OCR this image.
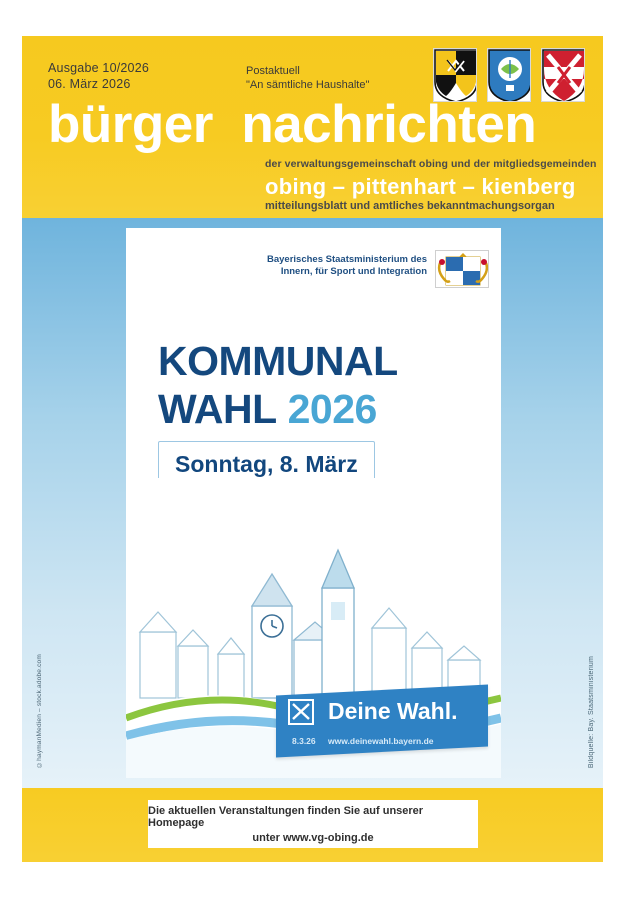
Ausgabe 10/2026
06. März 2026
Postaktuell
"An sämtliche Haushalte"
bürger nachrichten
der verwaltungsgemeinschaft obing und der mitgliedsgemeinden
obing – pittenhart – kienberg
mitteilungsblatt und amtliches bekanntmachungsorgan
©haymanMedien – stock.adobe.com	Bildquelle: Bay. Staatsministerium
Bayerisches Staatsministerium des
Innern, für Sport und Integration
KOMMUNAL
WAHL 2026
Sonntag, 8. März
Deine Wahl.
8.3.26 www.deinewahl.bayern.de
Die aktuellen Veranstaltungen finden Sie auf unserer Homepage
unter www.vg-obing.de
